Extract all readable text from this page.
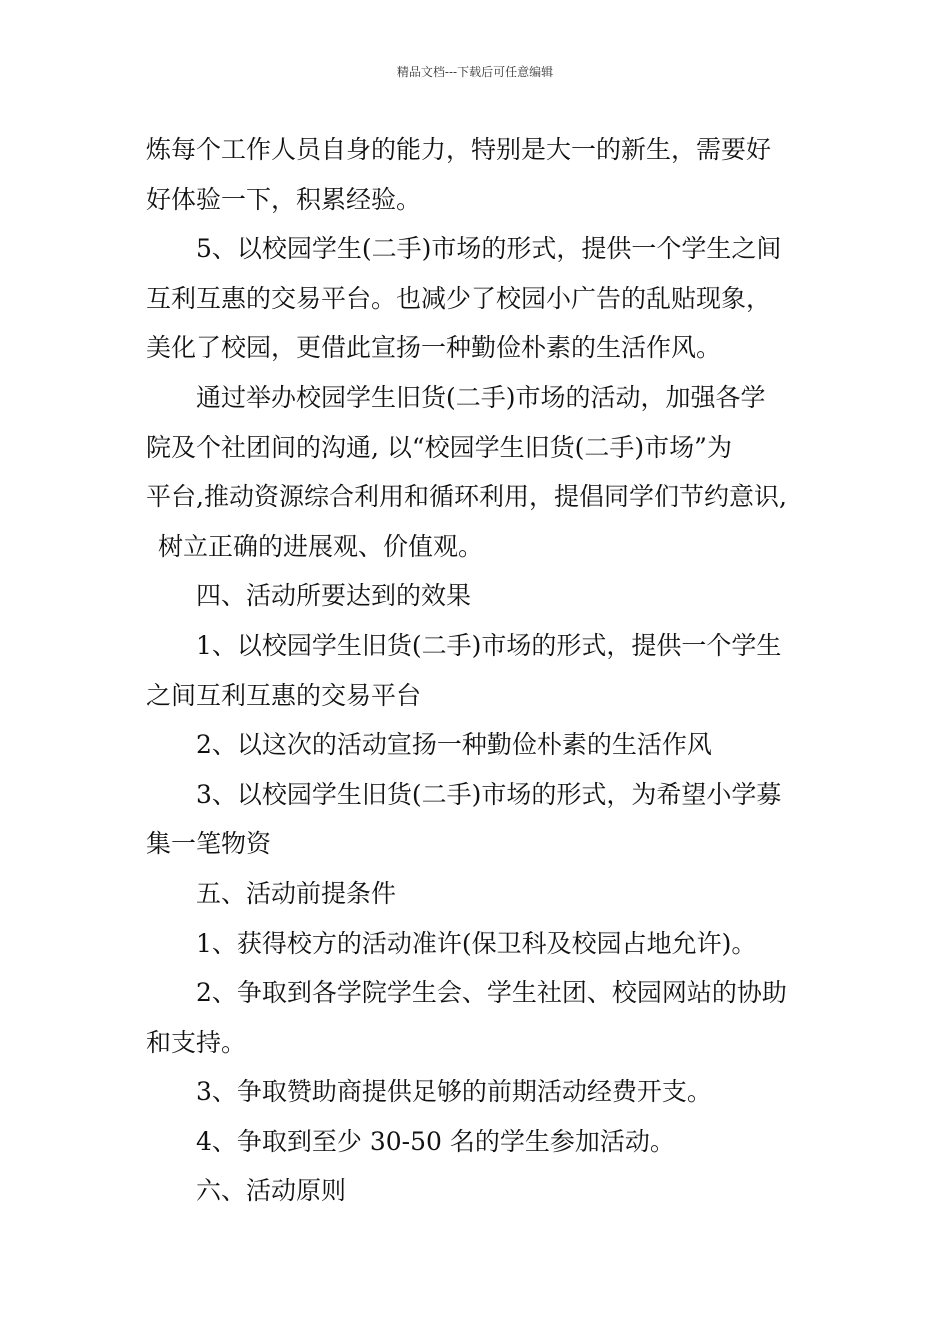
精品文档---下载后可任意编辑
炼每个工作人员自身的能力，特别是大一的新生，需要好
好体验一下，积累经验。
5、以校园学生(二手)市场的形式，提供一个学生之间
互利互惠的交易平台。也减少了校园小广告的乱贴现象，
美化了校园，更借此宣扬一种勤俭朴素的生活作风。
通过举办校园学生旧货(二手)市场的活动，加强各学
院及个社团间的沟通, 以“校园学生旧货(二手)市场”为
平台,推动资源综合利用和循环利用，提倡同学们节约意识,
树立正确的进展观、价值观。
四、活动所要达到的效果
1、以校园学生旧货(二手)市场的形式，提供一个学生
之间互利互惠的交易平台
2、以这次的活动宣扬一种勤俭朴素的生活作风
3、以校园学生旧货(二手)市场的形式，为希望小学募
集一笔物资
五、活动前提条件
1、获得校方的活动准许(保卫科及校园占地允许)。
2、争取到各学院学生会、学生社团、校园网站的协助
和支持。
3、争取赞助商提供足够的前期活动经费开支。
4、争取到至少 30-50 名的学生参加活动。
六、活动原则
